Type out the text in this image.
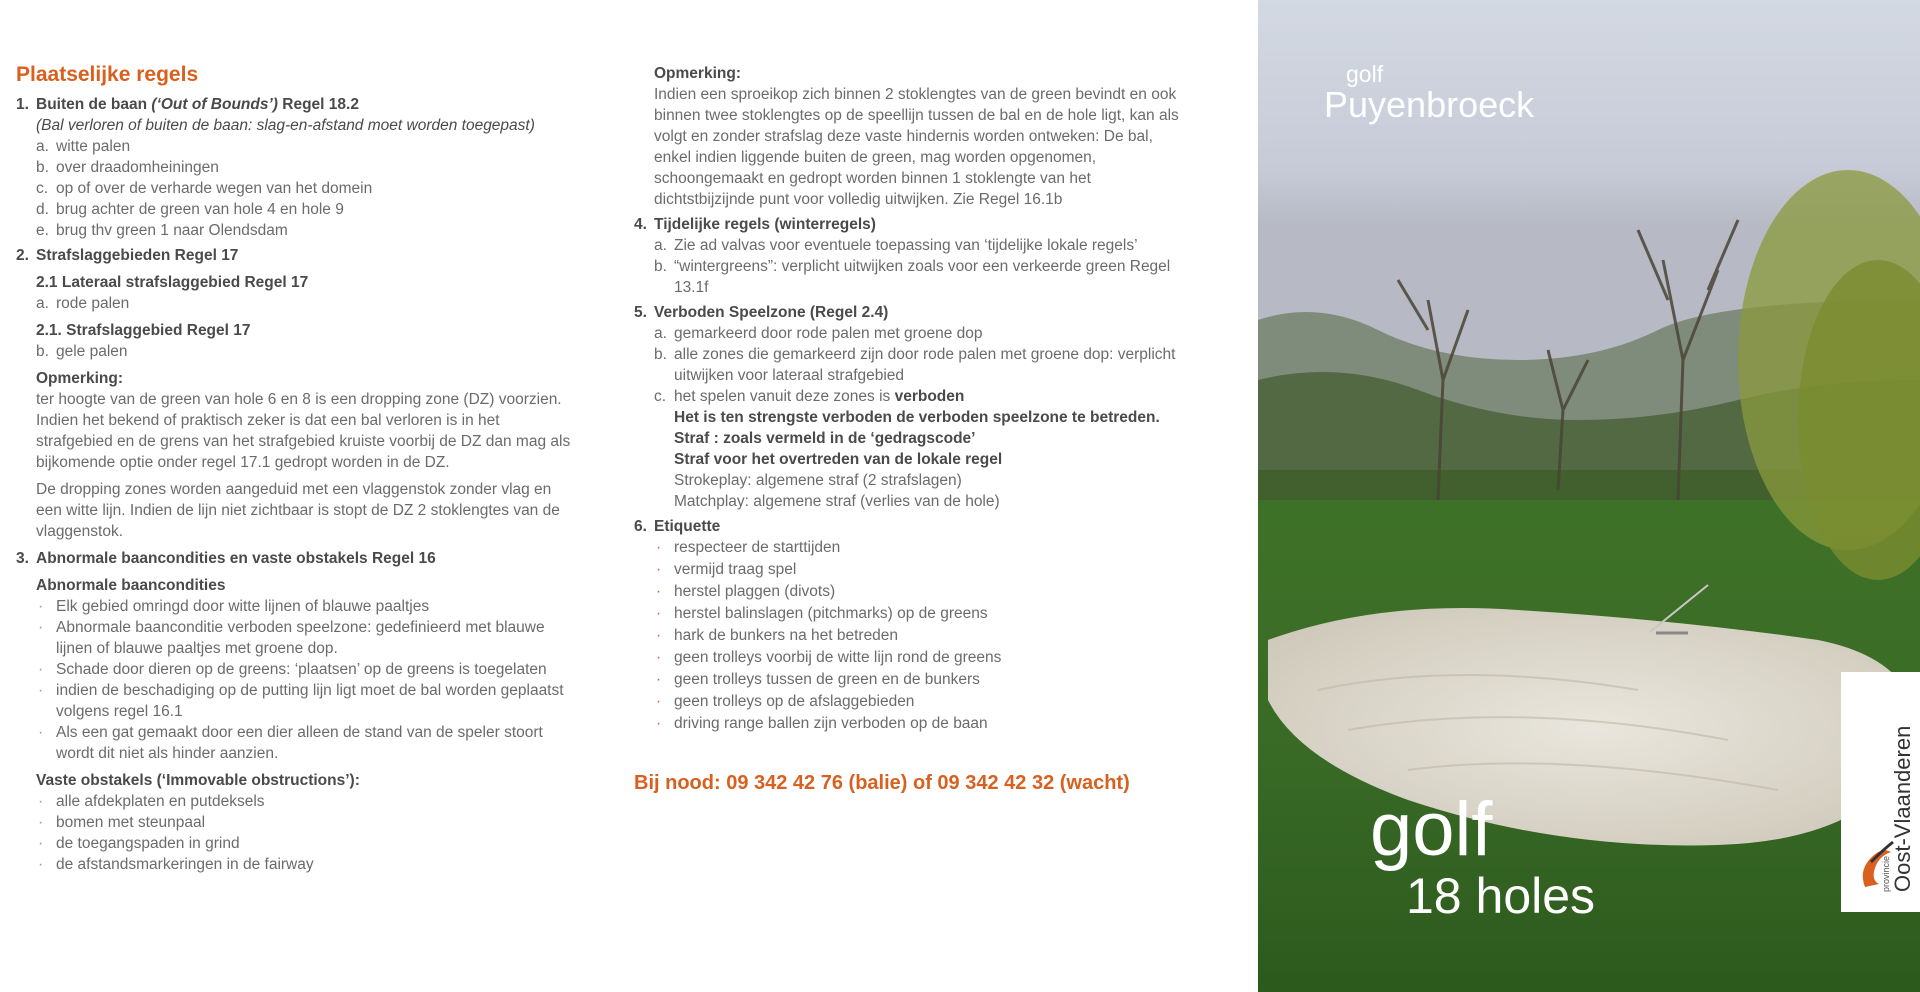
Plaatselijke regels
1. Buiten de baan (‘Out of Bounds’) Regel 18.2
(Bal verloren of buiten de baan: slag-en-afstand moet worden toegepast)
a. witte palen
b. over draadomheiningen
c. op of over de verharde wegen van het domein
d. brug achter de green van hole 4 en hole 9
e. brug thv green 1 naar Olendsdam
2. Strafslaggebieden Regel 17
2.1 Lateraal strafslaggebied Regel 17
a. rode palen
2.1. Strafslaggebied Regel 17
b. gele palen
Opmerking:
ter hoogte van de green van hole 6 en 8 is een dropping zone (DZ) voorzien. Indien het bekend of praktisch zeker is dat een bal verloren is in het strafgebied en de grens van het strafgebied kruiste voorbij de DZ dan mag als bijkomende optie onder regel 17.1 gedropt worden in de DZ.
De dropping zones worden aangeduid met een vlaggenstok zonder vlag en een witte lijn. Indien de lijn niet zichtbaar is stopt de DZ 2 stoklengtes van de vlaggenstok.
3. Abnormale baancondities en vaste obstakels Regel 16
Abnormale baancondities
· Elk gebied omringd door witte lijnen of blauwe paaltjes
· Abnormale baanconditie verboden speelzone: gedefinieerd met blauwe lijnen of blauwe paaltjes met groene dop.
· Schade door dieren op de greens: ‘plaatsen’ op de greens is toegelaten
· indien de beschadiging op de putting lijn ligt moet de bal worden geplaatst volgens regel 16.1
· Als een gat gemaakt door een dier alleen de stand van de speler stoort wordt dit niet als hinder aanzien.
Vaste obstakels (‘Immovable obstructions’):
· alle afdekplaten en putdeksels
· bomen met steunpaal
· de toegangspaden in grind
· de afstandsmarkeringen in de fairway
Opmerking:
Indien een sproeikop zich binnen 2 stoklengtes van de green bevindt en ook binnen twee stoklengtes op de speellijn tussen de bal en de hole ligt, kan als volgt en zonder strafslag deze vaste hindernis worden ontweken: De bal, enkel indien liggende buiten de green, mag worden opgenomen, schoongemaakt en gedropt worden binnen 1 stoklengte van het dichtstbijzijnde punt voor volledig uitwijken. Zie Regel 16.1b
4. Tijdelijke regels (winterregels)
a. Zie ad valvas voor eventuele toepassing van ‘tijdelijke lokale regels’
b. “wintergreens”: verplicht uitwijken zoals voor een verkeerde green Regel 13.1f
5. Verboden Speelzone (Regel 2.4)
a. gemarkeerd door rode palen met groene dop
b. alle zones die gemarkeerd zijn door rode palen met groene dop: verplicht uitwijken voor lateraal strafgebied
c. het spelen vanuit deze zones is verboden
Het is ten strengste verboden de verboden speelzone te betreden.
Straf : zoals vermeld in de ‘gedragscode’
Straf voor het overtreden van de lokale regel
Strokeplay: algemene straf (2 strafslagen)
Matchplay: algemene straf (verlies van de hole)
6. Etiquette
· respecteer de starttijden
· vermijd traag spel
· herstel plaggen (divots)
· herstel balinslagen (pitchmarks) op de greens
· hark de bunkers na het betreden
· geen trolleys voorbij de witte lijn rond de greens
· geen trolleys tussen de green en de bunkers
· geen trolleys op de afslaggebieden
· driving range ballen zijn verboden op de baan
Bij nood: 09 342 42 76 (balie) of 09 342 42 32 (wacht)
golf
Puyenbroeck
golf
18 holes	provincie Oost-Vlaanderen
